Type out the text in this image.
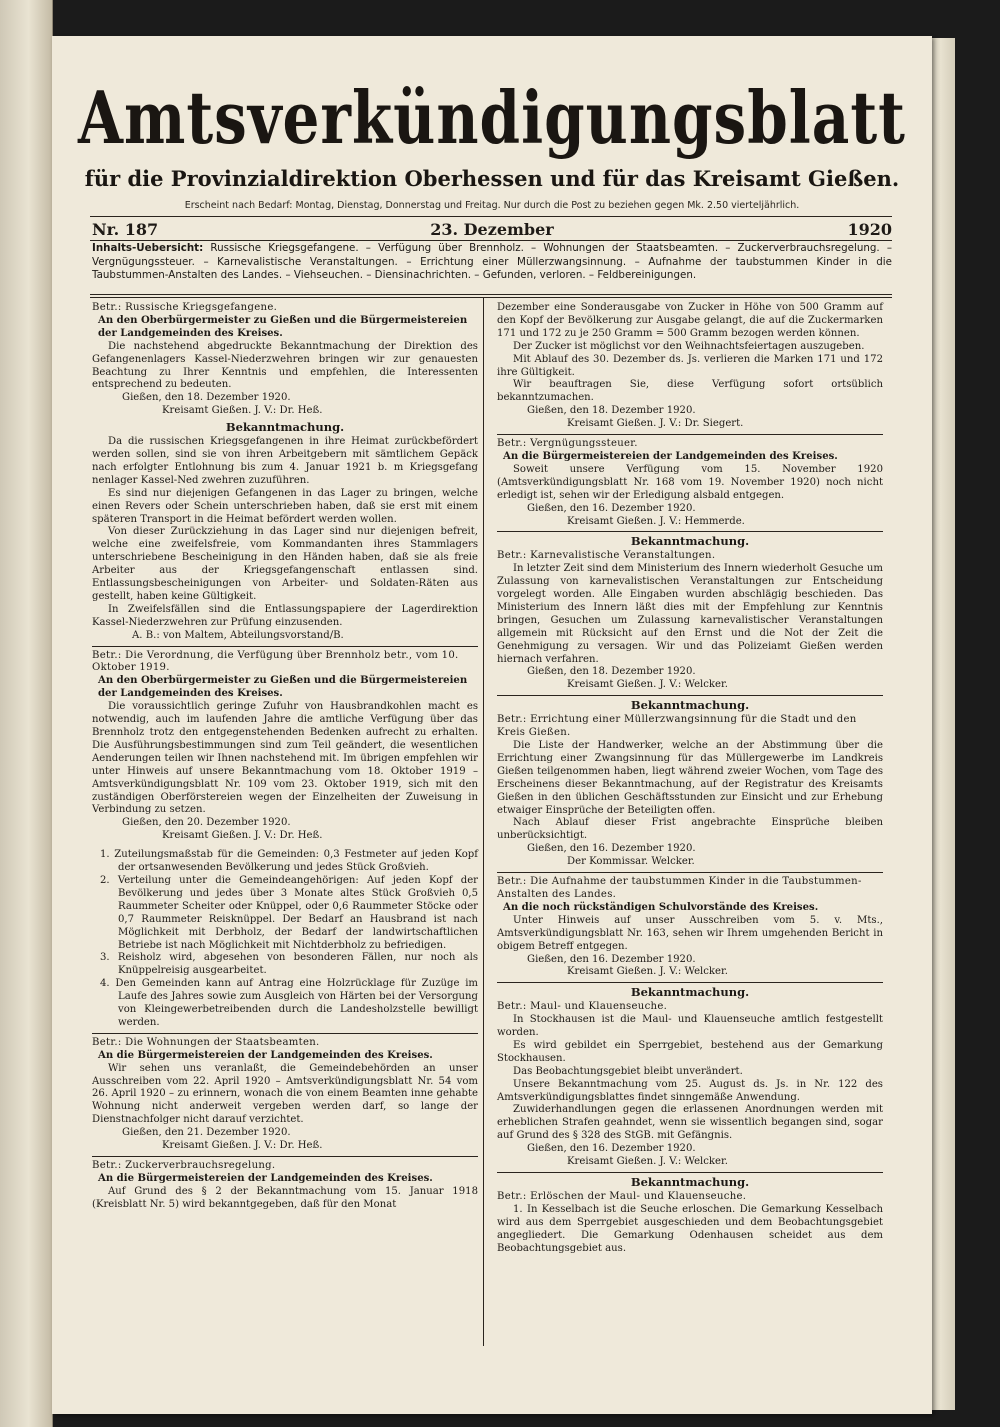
Amtsverkündigungsblatt
für die Provinzialdirektion Oberhessen und für das Kreisamt Gießen.
Erscheint nach Bedarf: Montag, Dienstag, Donnerstag und Freitag. Nur durch die Post zu beziehen gegen Mk. 2.50 vierteljährlich.
Nr. 187	23. Dezember	1920
Inhalts-Uebersicht: Russische Kriegsgefangene. – Verfügung über Brennholz. – Wohnungen der Staatsbeamten. – Zuckerverbrauchsregelung. – Vergnügungssteuer. – Karnevalistische Veranstaltungen. – Errichtung einer Müllerzwangsinnung. – Aufnahme der taubstummen Kinder in die Taubstummen-Anstalten des Landes. – Viehseuchen. – Diensinachrichten. – Gefunden, verloren. – Feldbereinigungen.
Betr.: Russische Kriegsgefangene.
An den Oberbürgermeister zu Gießen und die Bürgermeistereien der Landgemeinden des Kreises.

Die nachstehend abgedruckte Bekanntmachung der Direktion des Gefangenenlagers Kassel-Niederzwehren bringen wir zur genauesten Beachtung zu Ihrer Kenntnis und empfehlen, die Interessenten entsprechend zu bedeuten.

Gießen, den 18. Dezember 1920.
Kreisamt Gießen. J. V.: Dr. Heß.
Bekanntmachung.

Da die russischen Kriegsgefangenen in ihre Heimat zurückbefördert werden sollen, sind sie von ihren Arbeitgebern mit sämtlichem Gepäck nach erfolgter Entlohnung bis zum 4. Januar 1921 b. m Kriegsgefang nenlager Kassel-Ned zwehren zuzuführen.

Es sind nur diejenigen Gefangenen in das Lager zu bringen, welche einen Revers oder Schein unterschrieben haben, daß sie erst mit einem späteren Transport in die Heimat befördert werden wollen.

Von dieser Zurückziehung in das Lager sind nur diejenigen befreit, welche eine zweifelsfreie, vom Kommandanten ihres Stammlagers unterschriebene Bescheinigung in den Händen haben, daß sie als freie Arbeiter aus der Kriegsgefangenschaft entlassen sind. Entlassungsbescheinigungen von Arbeiter- und Soldaten-Räten aus gestellt, haben keine Gültigkeit.

In Zweifelsfällen sind die Entlassungspapiere der Lagerdirektion Kassel-Niederzwehren zur Prüfung einzusenden.

A. B.: von Maltem, Abteilungsvorstand/B.
Betr.: Die Verordnung, die Verfügung über Brennholz betr., vom 10. Oktober 1919.
An den Oberbürgermeister zu Gießen und die Bürgermeistereien der Landgemeinden des Kreises.

Die voraussichtlich geringe Zufuhr von Hausbrandkohlen macht es notwendig, auch im laufenden Jahre die amtliche Verfügung über das Brennholz trotz den entgegenstehenden Bedenken aufrecht zu erhalten. Die Ausführungsbestimmungen sind zum Teil geändert, die wesentlichen Aenderungen teilen wir Ihnen nachstehend mit. Im übrigen empfehlen wir unter Hinweis auf unsere Bekanntmachung vom 18. Oktober 1919 – Amtsverkündigungsblatt Nr. 109 vom 23. Oktober 1919, sich mit den zuständigen Oberförstereien wegen der Einzelheiten der Zuweisung in Verbindung zu setzen.

Gießen, den 20. Dezember 1920.
Kreisamt Gießen. J. V.: Dr. Heß.

1. Zuteilungsmaßstab für die Gemeinden: 0,3 Festmeter auf jeden Kopf der ortsanwesenden Bevölkerung und jedes Stück Großvieh.

2. Verteilung unter die Gemeindeangehörigen: Auf jeden Kopf der Bevölkerung und jedes über 3 Monate altes Stück Großvieh 0,5 Raummeter Scheiter oder Knüppel, oder 0,6 Raummeter Stöcke oder 0,7 Raummeter Reisknüppel. Der Bedarf an Hausbrand ist nach Möglichkeit mit Derbholz, der Bedarf der landwirtschaftlichen Betriebe ist nach Möglichkeit mit Nichtderbholz zu befriedigen.

3. Reisholz wird, abgesehen von besonderen Fällen, nur noch als Knüppelreisig ausgearbeitet.

4. Den Gemeinden kann auf Antrag eine Holzrücklage für Zuzüge im Laufe des Jahres sowie zum Ausgleich von Härten bei der Versorgung von Kleingewerbetreibenden durch die Landesholzstelle bewilligt werden.

Betr.: Die Wohnungen der Staatsbeamten.
An die Bürgermeistereien der Landgemeinden des Kreises.

Wir sehen uns veranlaßt, die Gemeindebehörden an unser Ausschreiben vom 22. April 1920 – Amtsverkündigungsblatt Nr. 54 vom 26. April 1920 – zu erinnern, wonach die von einem Beamten inne gehabte Wohnung nicht anderweit vergeben werden darf, so lange der Dienstnachfolger nicht darauf verzichtet.

Gießen, den 21. Dezember 1920.
Kreisamt Gießen. J. V.: Dr. Heß.
Betr.: Zuckerverbrauchsregelung.
An die Bürgermeistereien der Landgemeinden des Kreises.

Auf Grund des § 2 der Bekanntmachung vom 15. Januar 1918 (Kreisblatt Nr. 5) wird bekanntgegeben, daß für den Monat

Dezember eine Sonderausgabe von Zucker in Höhe von 500 Gramm auf den Kopf der Bevölkerung zur Ausgabe gelangt, die auf die Zuckermarken 171 und 172 zu je 250 Gramm = 500 Gramm bezogen werden können.

Der Zucker ist möglichst vor den Weihnachtsfeiertagen auszugeben.

Mit Ablauf des 30. Dezember ds. Js. verlieren die Marken 171 und 172 ihre Gültigkeit.

Wir beauftragen Sie, diese Verfügung sofort ortsüblich bekanntzumachen.

Gießen, den 18. Dezember 1920.
Kreisamt Gießen. J. V.: Dr. Siegert.
Betr.: Vergnügungssteuer.
An die Bürgermeistereien der Landgemeinden des Kreises.

Soweit unsere Verfügung vom 15. November 1920 (Amtsverkündigungsblatt Nr. 168 vom 19. November 1920) noch nicht erledigt ist, sehen wir der Erledigung alsbald entgegen.

Gießen, den 16. Dezember 1920.
Kreisamt Gießen. J. V.: Hemmerde.
Bekanntmachung.
Betr.: Karnevalistische Veranstaltungen.

In letzter Zeit sind dem Ministerium des Innern wiederholt Gesuche um Zulassung von karnevalistischen Veranstaltungen zur Entscheidung vorgelegt worden. Alle Eingaben wurden abschlägig beschieden. Das Ministerium des Innern läßt dies mit der Empfehlung zur Kenntnis bringen, Gesuchen um Zulassung karnevalistischer Veranstaltungen allgemein mit Rücksicht auf den Ernst und die Not der Zeit die Genehmigung zu versagen. Wir und das Polizeiamt Gießen werden hiernach verfahren.

Gießen, den 18. Dezember 1920.
Kreisamt Gießen. J. V.: Welcker.
Bekanntmachung.
Betr.: Errichtung einer Müllerzwangsinnung für die Stadt und den Kreis Gießen.

Die Liste der Handwerker, welche an der Abstimmung über die Errichtung einer Zwangsinnung für das Müllergewerbe im Landkreis Gießen teilgenommen haben, liegt während zweier Wochen, vom Tage des Erscheinens dieser Bekanntmachung, auf der Registratur des Kreisamts Gießen in den üblichen Geschäftsstunden zur Einsicht und zur Erhebung etwaiger Einsprüche der Beteiligten offen.

Nach Ablauf dieser Frist angebrachte Einsprüche bleiben unberücksichtigt.

Gießen, den 16. Dezember 1920.
Der Kommissar. Welcker.
Betr.: Die Aufnahme der taubstummen Kinder in die Taubstummen-Anstalten des Landes.
An die noch rückständigen Schulvorstände des Kreises.

Unter Hinweis auf unser Ausschreiben vom 5. v. Mts., Amtsverkündigungsblatt Nr. 163, sehen wir Ihrem umgehenden Bericht in obigem Betreff entgegen.

Gießen, den 16. Dezember 1920.
Kreisamt Gießen. J. V.: Welcker.
Bekanntmachung.
Betr.: Maul- und Klauenseuche.

In Stockhausen ist die Maul- und Klauenseuche amtlich festgestellt worden.

Es wird gebildet ein Sperrgebiet, bestehend aus der Gemarkung Stockhausen.

Das Beobachtungsgebiet bleibt unverändert.

Unsere Bekanntmachung vom 25. August ds. Js. in Nr. 122 des Amtsverkündigungsblattes findet sinngemäße Anwendung.

Zuwiderhandlungen gegen die erlassenen Anordnungen werden mit erheblichen Strafen geahndet, wenn sie wissentlich begangen sind, sogar auf Grund des § 328 des StGB. mit Gefängnis.

Gießen, den 16. Dezember 1920.
Kreisamt Gießen. J. V.: Welcker.
Bekanntmachung.
Betr.: Erlöschen der Maul- und Klauenseuche.

1. In Kesselbach ist die Seuche erloschen. Die Gemarkung Kesselbach wird aus dem Sperrgebiet ausgeschieden und dem Beobachtungsgebiet angegliedert. Die Gemarkung Odenhausen scheidet aus dem Beobachtungsgebiet aus.
